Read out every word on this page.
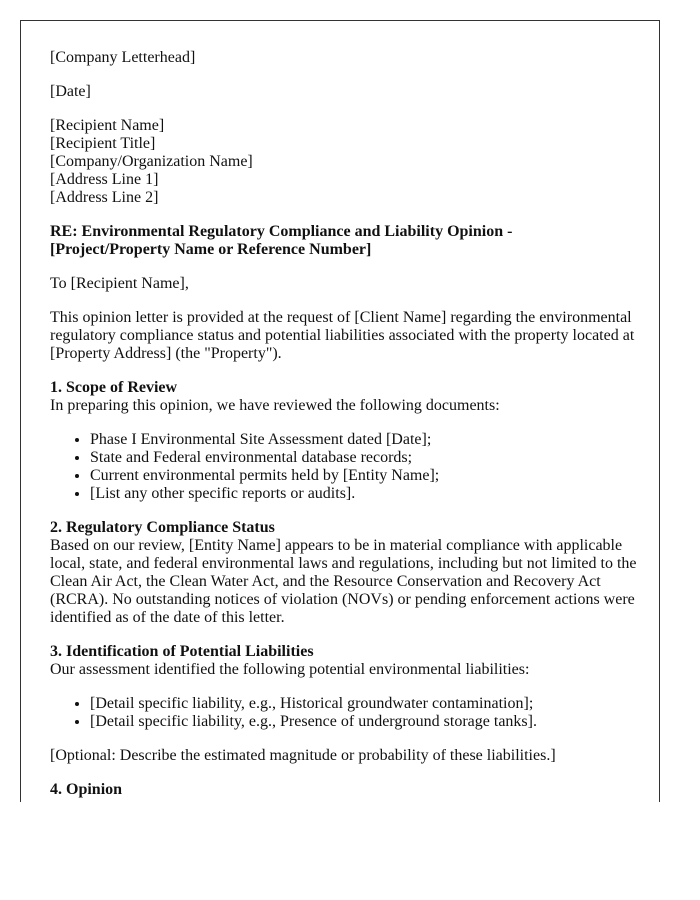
[Company Letterhead]

[Date]

[Recipient Name]
[Recipient Title]
[Company/Organization Name]
[Address Line 1]
[Address Line 2]
RE: Environmental Regulatory Compliance and Liability Opinion -
[Project/Property Name or Reference Number]

To [Recipient Name],

This opinion letter is provided at the request of [Client Name] regarding the environmental regulatory compliance status and potential liabilities associated with the property located at [Property Address] (the "Property").

1. Scope of Review
In preparing this opinion, we have reviewed the following documents:
• Phase I Environmental Site Assessment dated [Date];
• State and Federal environmental database records;
• Current environmental permits held by [Entity Name];
• [List any other specific reports or audits].
2. Regulatory Compliance Status
Based on our review, [Entity Name] appears to be in material compliance with applicable local, state, and federal environmental laws and regulations, including but not limited to the Clean Air Act, the Clean Water Act, and the Resource Conservation and Recovery Act (RCRA). No outstanding notices of violation (NOVs) or pending enforcement actions were identified as of the date of this letter.
3. Identification of Potential Liabilities
Our assessment identified the following potential environmental liabilities:
• [Detail specific liability, e.g., Historical groundwater contamination];
• [Detail specific liability, e.g., Presence of underground storage tanks].

[Optional: Describe the estimated magnitude or probability of these liabilities.]

4. Opinion
